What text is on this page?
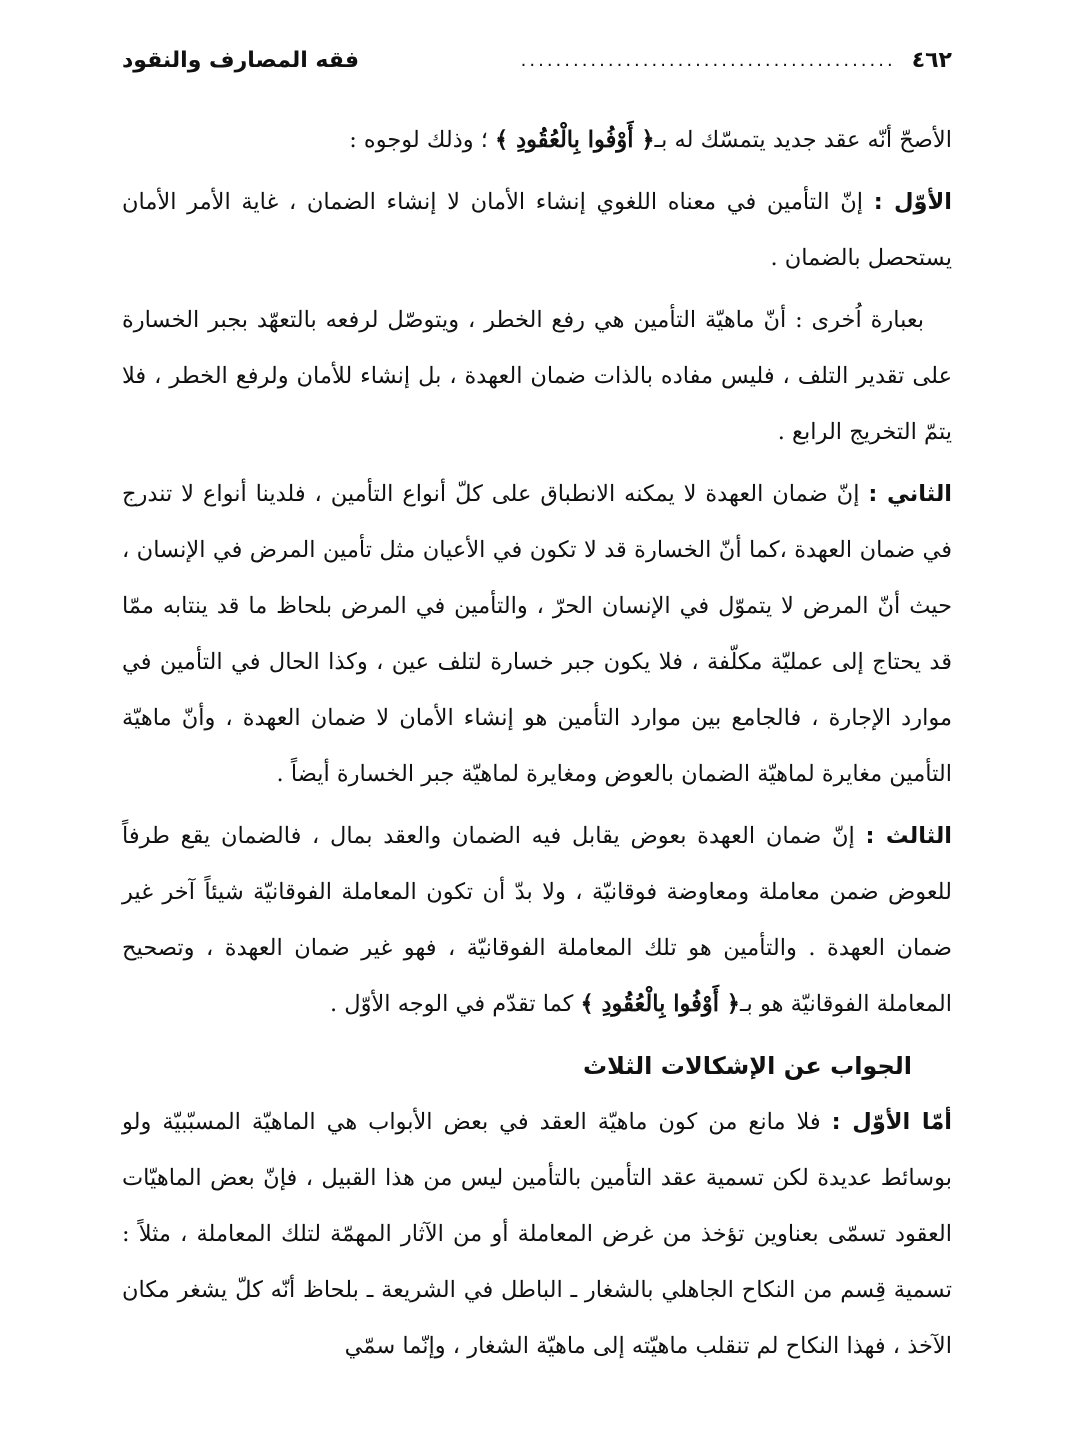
٤٦٢
...........................................
فقه المصارف والنقود

الأصحّ أنّه عقد جديد يتمسّك له بـ﴿ أَوْفُوا بِالْعُقُودِ ﴾ ؛ وذلك لوجوه :

الأوّل : إنّ التأمين في معناه اللغوي إنشاء الأمان لا إنشاء الضمان ، غاية الأمر الأمان يستحصل بالضمان .

بعبارة اُخرى : أنّ ماهيّة التأمين هي رفع الخطر ، ويتوصّل لرفعه بالتعهّد بجبر الخسارة على تقدير التلف ، فليس مفاده بالذات ضمان العهدة ، بل إنشاء للأمان ولرفع الخطر ، فلا يتمّ التخريج الرابع .

الثاني : إنّ ضمان العهدة لا يمكنه الانطباق على كلّ أنواع التأمين ، فلدينا أنواع لا تندرج في ضمان العهدة ،كما أنّ الخسارة قد لا تكون في الأعيان مثل تأمين المرض في الإنسان ، حيث أنّ المرض لا يتموّل في الإنسان الحرّ ، والتأمين في المرض بلحاظ ما قد ينتابه ممّا قد يحتاج إلى عمليّة مكلّفة ، فلا يكون جبر خسارة لتلف عين ، وكذا الحال في التأمين في موارد الإجارة ، فالجامع بين موارد التأمين هو إنشاء الأمان لا ضمان العهدة ، وأنّ ماهيّة التأمين مغايرة لماهيّة الضمان بالعوض ومغايرة لماهيّة جبر الخسارة أيضاً .

الثالث : إنّ ضمان العهدة بعوض يقابل فيه الضمان والعقد بمال ، فالضمان يقع طرفاً للعوض ضمن معاملة ومعاوضة فوقانيّة ، ولا بدّ أن تكون المعاملة الفوقانيّة شيئاً آخر غير ضمان العهدة . والتأمين هو تلك المعاملة الفوقانيّة ، فهو غير ضمان العهدة ، وتصحيح المعاملة الفوقانيّة هو بـ﴿ أَوْفُوا بِالْعُقُودِ ﴾ كما تقدّم في الوجه الأوّل .

الجواب عن الإشكالات الثلاث

أمّا الأوّل : فلا مانع من كون ماهيّة العقد في بعض الأبواب هي الماهيّة المسبّبيّة ولو بوسائط عديدة لكن تسمية عقد التأمين بالتأمين ليس من هذا القبيل ، فإنّ بعض الماهيّات العقود تسمّى بعناوين تؤخذ من غرض المعاملة أو من الآثار المهمّة لتلك المعاملة ، مثلاً : تسمية قِسم من النكاح الجاهلي بالشغار ـ الباطل في الشريعة ـ بلحاظ أنّه كلّ يشغر مكان الآخذ ، فهذا النكاح لم تنقلب ماهيّته إلى ماهيّة الشغار ، وإنّما سمّي
